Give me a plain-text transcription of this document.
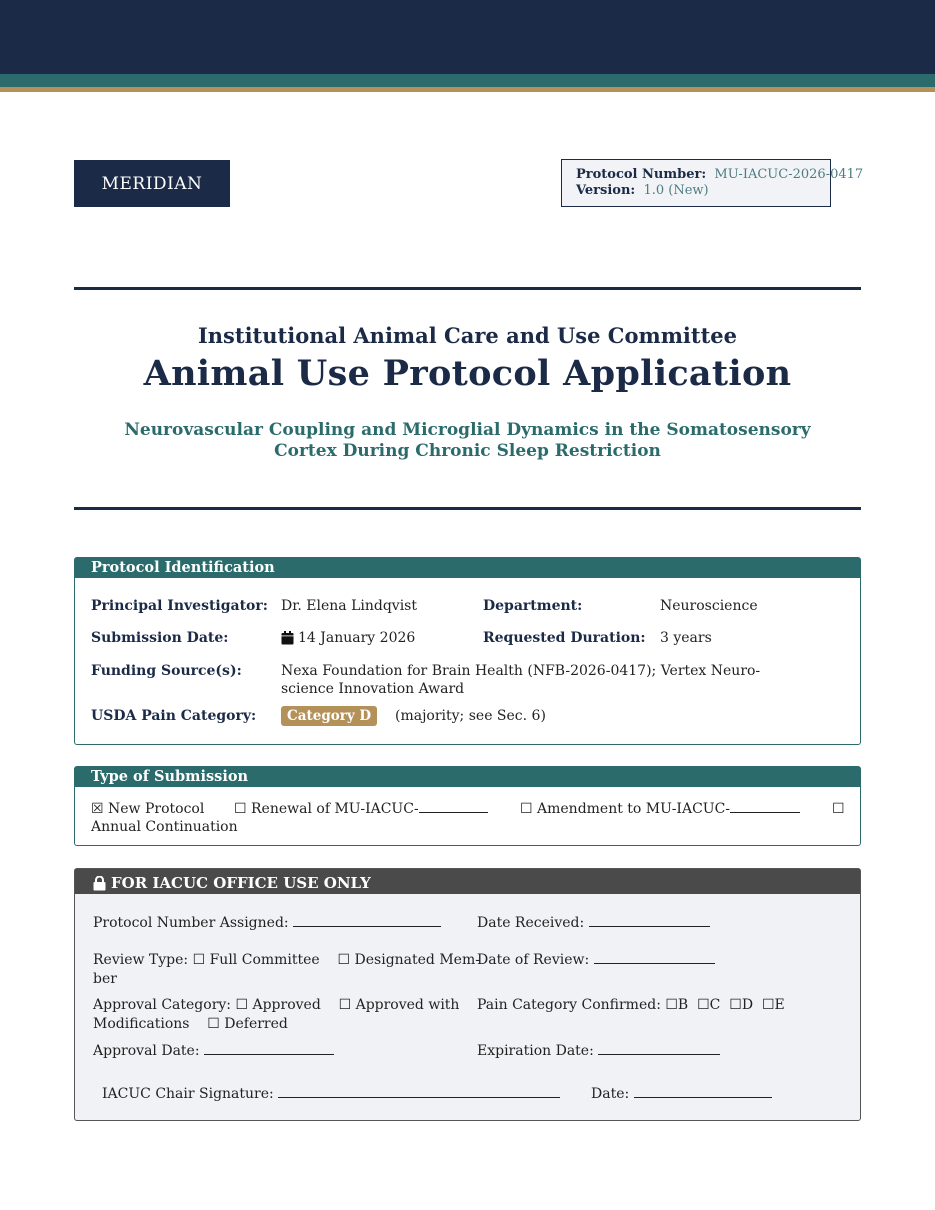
MERIDIAN	Protocol Number: MU-IACUC-2026-0417
Version: 1.0 (New)
Institutional Animal Care and Use Committee
Animal Use Protocol Application
Neurovascular Coupling and Microglial Dynamics in the Somatosensory
Cortex During Chronic Sleep Restriction
Protocol Identification
Principal Investigator: Dr. Elena Lindqvist	Department:	Neuroscience
Submission Date:	14 January 2026	Requested Duration: 3 years
Funding Source(s):	Nexa Foundation for Brain Health (NFB-2026-0417); Vertex Neuro-
science Innovation Award
USDA Pain Category:	Category D	(majority; see Sec. 6)
Type of Submission
☒ New Protocol ☐ Renewal of MU-IACUC-	☐ Amendment to MU-IACUC-	☐
Annual Continuation
FOR IACUC OFFICE USE ONLY
Protocol Number Assigned:	Date Received:
Review Type: ☐ Full Committee    ☐ Designated Mem-
ber
Date of Review:
Approval Category: ☐ Approved    ☐ Approved with
Modifications    ☐ Deferred
Pain Category Confirmed: ☐B  ☐C  ☐D  ☐E
Approval Date:	Expiration Date:
IACUC Chair Signature:	Date:
